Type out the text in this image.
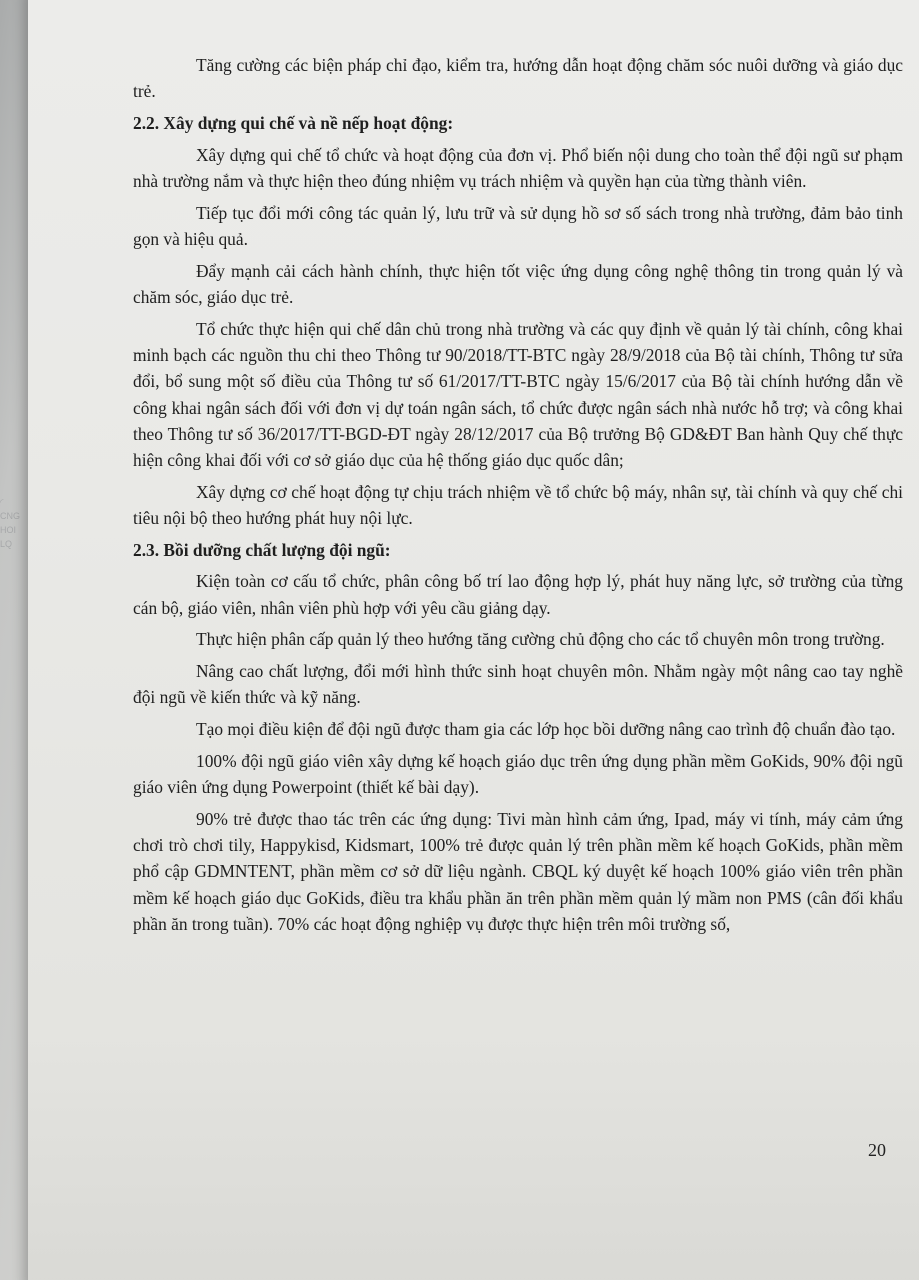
◜
СNG
HOI
LQ

Tăng cường các biện pháp chỉ đạo, kiểm tra, hướng dẫn hoạt động chăm sóc nuôi dưỡng và giáo dục trẻ.

2.2. Xây dựng qui chế và nề nếp hoạt động:

Xây dựng qui chế tổ chức và hoạt động của đơn vị. Phổ biến nội dung cho toàn thể đội ngũ sư phạm nhà trường nắm và thực hiện theo đúng nhiệm vụ trách nhiệm và quyền hạn của từng thành viên.

Tiếp tục đổi mới công tác quản lý, lưu trữ và sử dụng hồ sơ số sách trong nhà trường, đảm bảo tinh gọn và hiệu quả.

Đẩy mạnh cải cách hành chính, thực hiện tốt việc ứng dụng công nghệ thông tin trong quản lý và chăm sóc, giáo dục trẻ.

Tổ chức thực hiện qui chế dân chủ trong nhà trường và các quy định về quản lý tài chính, công khai minh bạch các nguồn thu chi theo Thông tư 90/2018/TT-BTC ngày 28/9/2018 của Bộ tài chính, Thông tư sửa đổi, bổ sung một số điều của Thông tư số 61/2017/TT-BTC ngày 15/6/2017 của Bộ tài chính hướng dẫn về công khai ngân sách đối với đơn vị dự toán ngân sách, tổ chức được ngân sách nhà nước hỗ trợ; và công khai theo Thông tư số 36/2017/TT-BGD-ĐT ngày 28/12/2017 của Bộ trưởng Bộ GD&ĐT Ban hành Quy chế thực hiện công khai đối với cơ sở giáo dục của hệ thống giáo dục quốc dân;

Xây dựng cơ chế hoạt động tự chịu trách nhiệm về tổ chức bộ máy, nhân sự, tài chính và quy chế chi tiêu nội bộ theo hướng phát huy nội lực.

2.3. Bồi dưỡng chất lượng đội ngũ:

Kiện toàn cơ cấu tổ chức, phân công bố trí lao động hợp lý, phát huy năng lực, sở trường của từng cán bộ, giáo viên, nhân viên phù hợp với yêu cầu giảng dạy.

Thực hiện phân cấp quản lý theo hướng tăng cường chủ động cho các tổ chuyên môn trong trường.

Nâng cao chất lượng, đổi mới hình thức sinh hoạt chuyên môn. Nhằm ngày một nâng cao tay nghề đội ngũ về kiến thức và kỹ năng.

Tạo mọi điều kiện để đội ngũ được tham gia các lớp học bồi dưỡng nâng cao trình độ chuẩn đào tạo.

100% đội ngũ giáo viên xây dựng kế hoạch giáo dục trên ứng dụng phần mềm GoKids, 90% đội ngũ giáo viên ứng dụng Powerpoint (thiết kế bài dạy).

90% trẻ được thao tác trên các ứng dụng: Tivi màn hình cảm ứng, Ipad, máy vi tính, máy cảm ứng chơi trò chơi tily, Happykisd, Kidsmart, 100% trẻ được quản lý trên phần mềm kế hoạch GoKids, phần mềm phổ cập GDMNTENT, phần mềm cơ sở dữ liệu ngành. CBQL ký duyệt kế hoạch 100% giáo viên trên phần mềm kế hoạch giáo dục GoKids, điều tra khẩu phần ăn trên phần mềm quản lý mầm non PMS (cân đối khẩu phần ăn trong tuần). 70% các hoạt động nghiệp vụ được thực hiện trên môi trường số,

20
